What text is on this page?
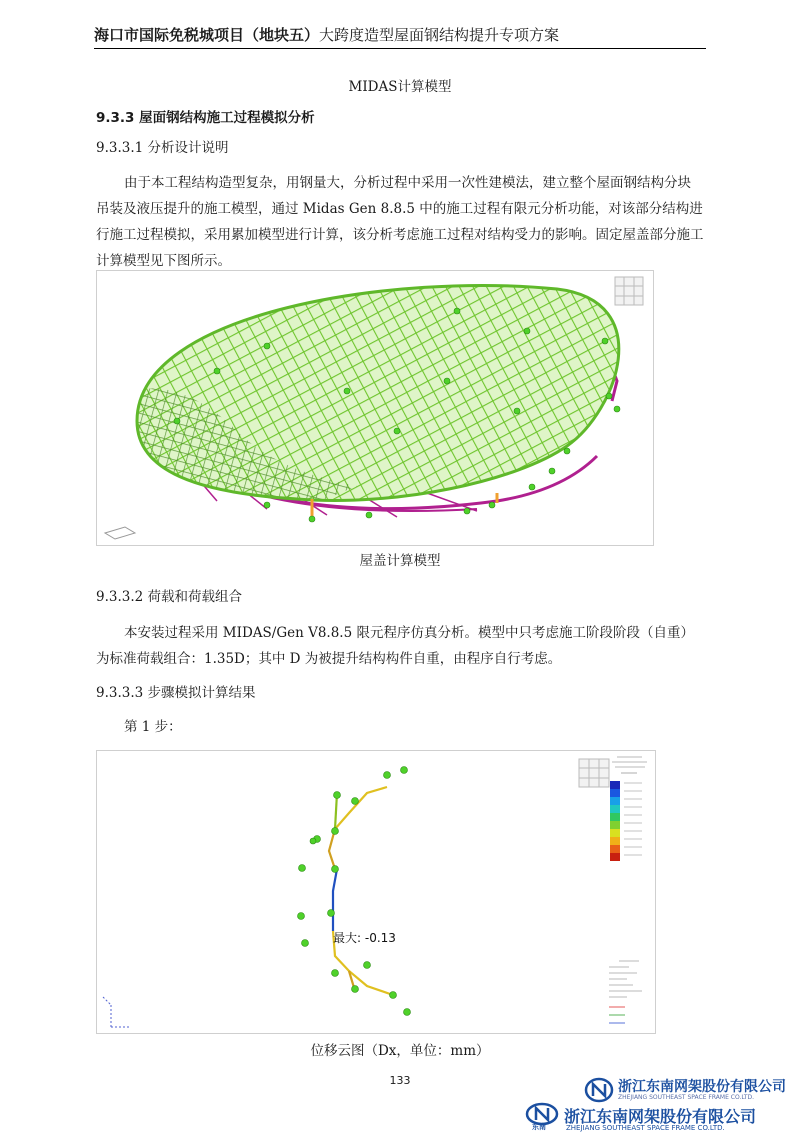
海口市国际免税城项目（地块五）大跨度造型屋面钢结构提升专项方案
MIDAS计算模型
9.3.3 屋面钢结构施工过程模拟分析
9.3.3.1 分析设计说明
由于本工程结构造型复杂，用钢量大，分析过程中采用一次性建模法，建立整个屋面钢结构分块吊装及液压提升的施工模型，通过 Midas Gen 8.8.5 中的施工过程有限元分析功能，对该部分结构进行施工过程模拟，采用累加模型进行计算，该分析考虑施工过程对结构受力的影响。固定屋盖部分施工计算模型见下图所示。
屋盖计算模型
9.3.3.2 荷载和荷载组合
本安装过程采用 MIDAS/Gen V8.8.5 限元程序仿真分析。模型中只考虑施工阶段阶段（自重）为标准荷载组合：1.35D；其中 D 为被提升结构构件自重，由程序自行考虑。
9.3.3.3 步骤模拟计算结果
第 1 步：
最大: -0.13
位移云图（Dx，单位：mm）
133	浙江东南网架股份有限公司
ZHEJIANG SOUTHEAST SPACE FRAME CO.LTD.
东南
浙江东南网架股份有限公司
ZHEJIANG SOUTHEAST SPACE FRAME CO.LTD.
